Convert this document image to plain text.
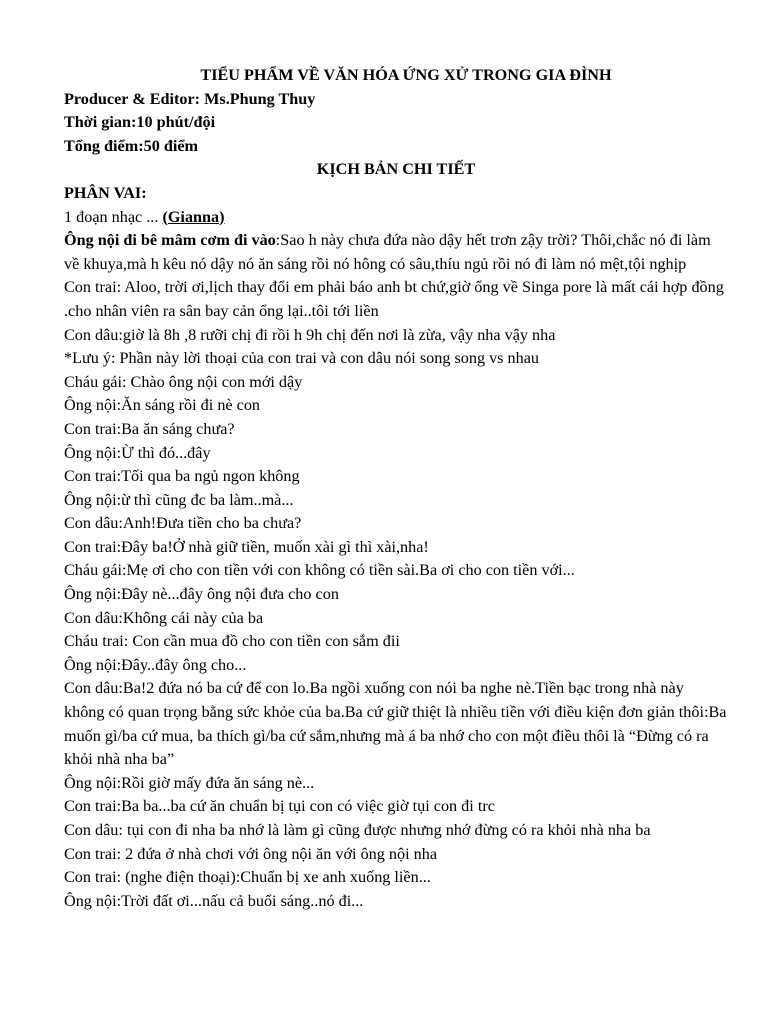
TIỂU PHẨM VỀ VĂN HÓA ỨNG XỬ TRONG GIA ĐÌNH

Producer & Editor: Ms.Phung Thuy

Thời gian:10 phút/đội

Tổng điểm:50 điểm

KỊCH BẢN CHI TIẾT

PHÂN VAI:

1 đoạn nhạc ... (Gianna)

Ông nội đi bê mâm cơm đi vào:Sao h này chưa đứa nào dậy hết trơn zậy trời? Thôi,chắc nó đi làm về khuya,mà h kêu nó dậy nó ăn sáng rồi nó hông có sâu,thíu ngủ rồi nó đi làm nó mệt,tội nghịp

Con trai: Aloo, trời ơi,lịch thay đổi em phải báo anh bt chứ,giờ ổng về Singa pore là mất cái hợp đồng .cho nhân viên ra sân bay cản ổng lại..tôi tới liền

Con dâu:giờ là 8h ,8 rưỡi chị đi rồi h 9h chị đến nơi là zừa, vậy nha vậy nha

*Lưu ý: Phần này lời thoại của con trai và con dâu nói song song vs nhau

Cháu gái: Chào ông nội con mới dậy

Ông nội:Ăn sáng rồi đi nè con

Con trai:Ba ăn sáng chưa?

Ông nội:Ừ thì đó...đây

Con trai:Tối qua ba ngủ ngon không

Ông nội:ừ thì cũng đc ba làm..mà...

Con dâu:Anh!Đưa tiền cho ba chưa?

Con trai:Đây ba!Ở nhà giữ tiền, muốn xài gì thì xài,nha!

Cháu gái:Mẹ ơi cho con tiền với con không có tiền sài.Ba ơi cho con tiền với...

Ông nội:Đây nè...đây ông nội đưa cho con

Con dâu:Không cái này của ba

Cháu trai: Con cần mua đồ cho con tiền con sắm đii

Ông nội:Đây..đây ông cho...

Con dâu:Ba!2 đứa nó ba cứ để con lo.Ba ngồi xuống con nói ba nghe nè.Tiền bạc trong nhà này không có quan trọng bằng sức khỏe của ba.Ba cứ giữ thiệt là nhiều tiền với điều kiện đơn giản thôi:Ba muốn gì/ba cứ mua, ba thích gì/ba cứ sắm,nhưng mà á ba nhớ cho con một điều thôi là “Đừng có ra khỏi nhà nha ba”

Ông nội:Rồi giờ mấy đứa ăn sáng nè...

Con trai:Ba ba...ba cứ ăn chuẩn bị tụi con có việc giờ tụi con đi trc

Con dâu: tụi con đi nha ba nhớ là làm gì cũng được nhưng nhớ đừng có ra khỏi nhà nha ba

Con trai: 2 đứa ở nhà chơi với ông nội ăn với ông nội nha

Con trai: (nghe điện thoại):Chuẩn bị xe anh xuống liền...

Ông nội:Trời đất ơi...nấu cả buổi sáng..nó đi...
